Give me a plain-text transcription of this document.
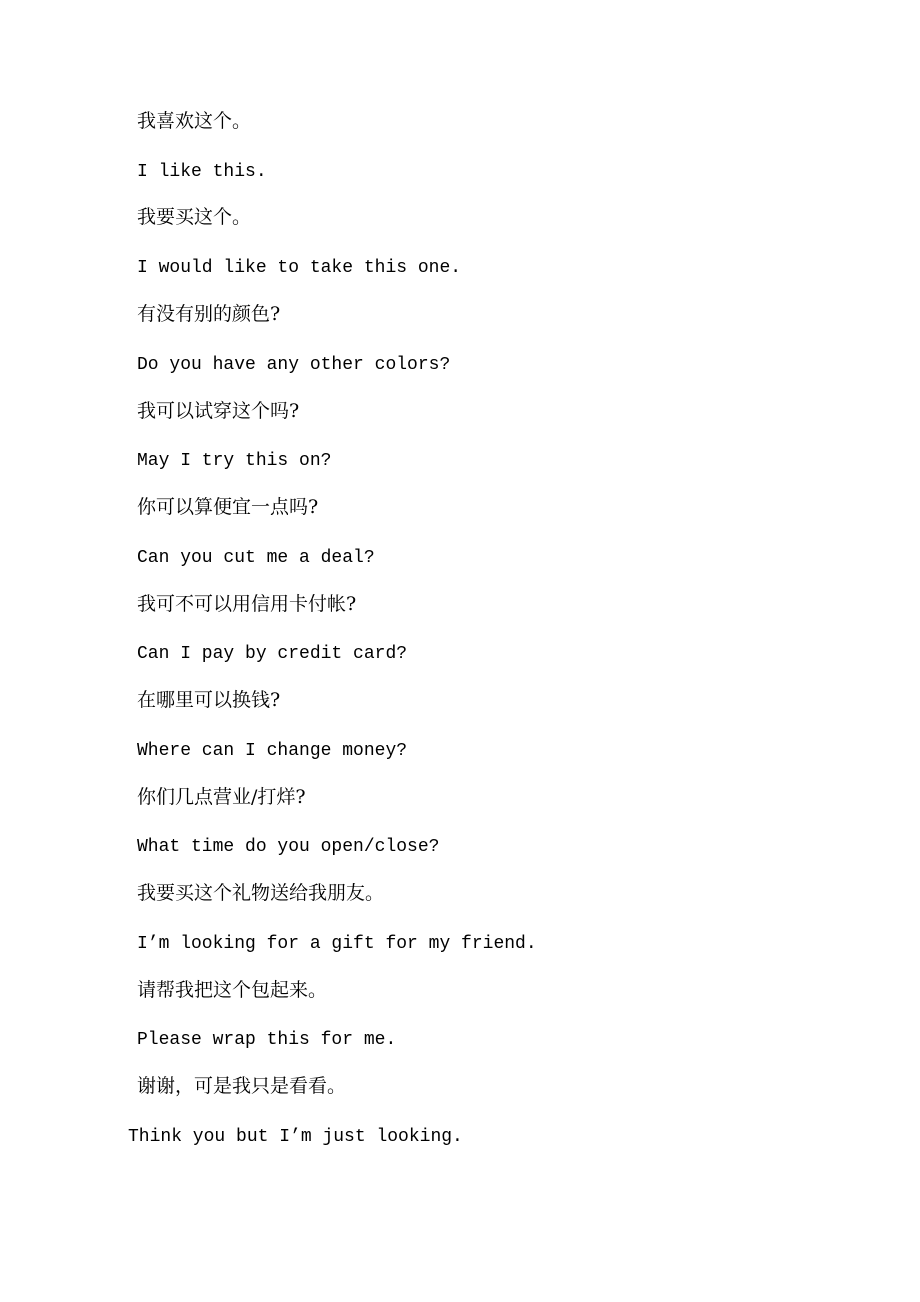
我喜欢这个。
I like this.
我要买这个。
I would like to take this one.
有没有别的颜色?
Do you have any other colors?
我可以试穿这个吗?
May I try this on?
你可以算便宜一点吗?
Can you cut me a deal?
我可不可以用信用卡付帐?
Can I pay by credit card?
在哪里可以换钱?
Where can I change money?
你们几点营业/打烊?
What time do you open/close?
我要买这个礼物送给我朋友。
I’m looking for a gift for my friend.
请帮我把这个包起来。
Please wrap this for me.
谢谢，可是我只是看看。
Think you but I’m just looking.
